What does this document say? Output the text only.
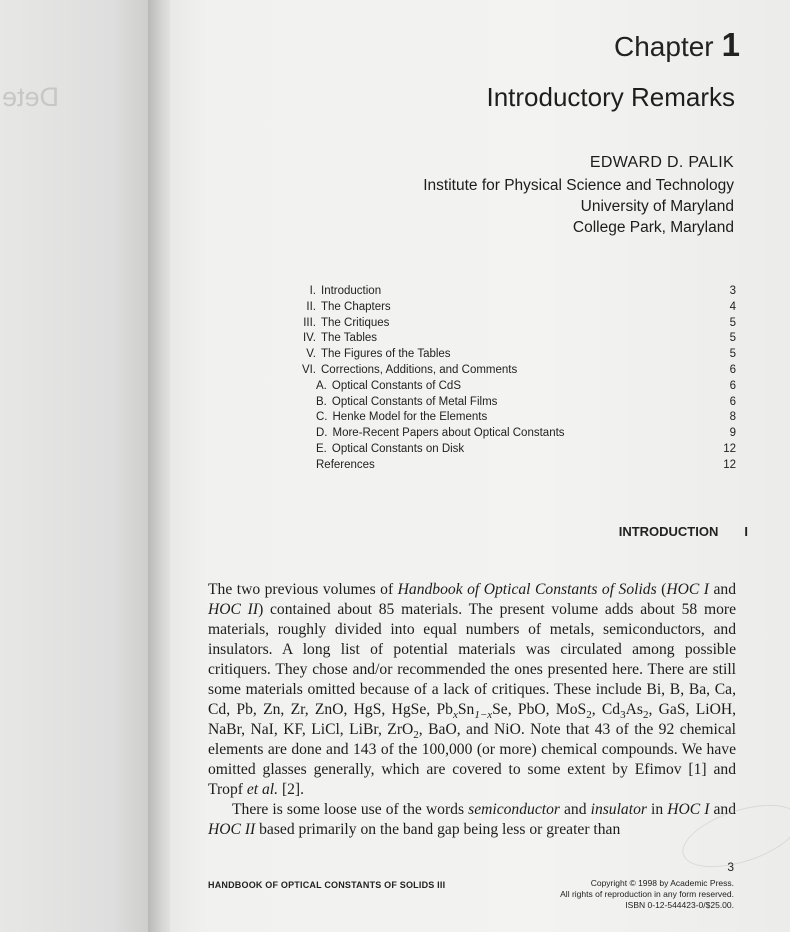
Dete
Chapter 1
Introductory Remarks
EDWARD D. PALIK
Institute for Physical Science and Technology
University of Maryland
College Park, Maryland
I. Introduction	3
II. The Chapters	4
III. The Critiques	5
IV. The Tables	5
V. The Figures of the Tables	5
VI. Corrections, Additions, and Comments	6
A. Optical Constants of CdS	6
B. Optical Constants of Metal Films	6
C. Henke Model for the Elements	8
D. More-Recent Papers about Optical Constants	9
E. Optical Constants on Disk	12
References	12
INTRODUCTION I

The two previous volumes of Handbook of Optical Constants of Solids (HOC I and HOC II) contained about 85 materials. The present volume adds about 58 more materials, roughly divided into equal numbers of metals, semiconductors, and insulators. A long list of potential materials was circulated among possible critiquers. They chose and/or recommended the ones presented here. There are still some materials omitted because of a lack of critiques. These include Bi, B, Ba, Ca, Cd, Pb, Zn, Zr, ZnO, HgS, HgSe, $Pb_xSn_{1-x}Se$, PbO, MoS$_2$, $Cd_3As_2$, GaS, LiOH, NaBr, NaI, KF, LiCl, LiBr, ZrO$_2$, BaO, and NiO. Note that 43 of the 92 chemical elements are done and 143 of the 100,000 (or more) chemical compounds. We have omitted glasses generally, which are covered to some extent by Efimov [1] and Tropf et al. [2].

There is some loose use of the words semiconductor and insulator in HOC I and HOC II based primarily on the band gap being less or greater than

3
HANDBOOK OF OPTICAL CONSTANTS OF SOLIDS III	Copyright © 1998 by Academic Press.
All rights of reproduction in any form reserved.
ISBN 0-12-544423-0/$25.00.
